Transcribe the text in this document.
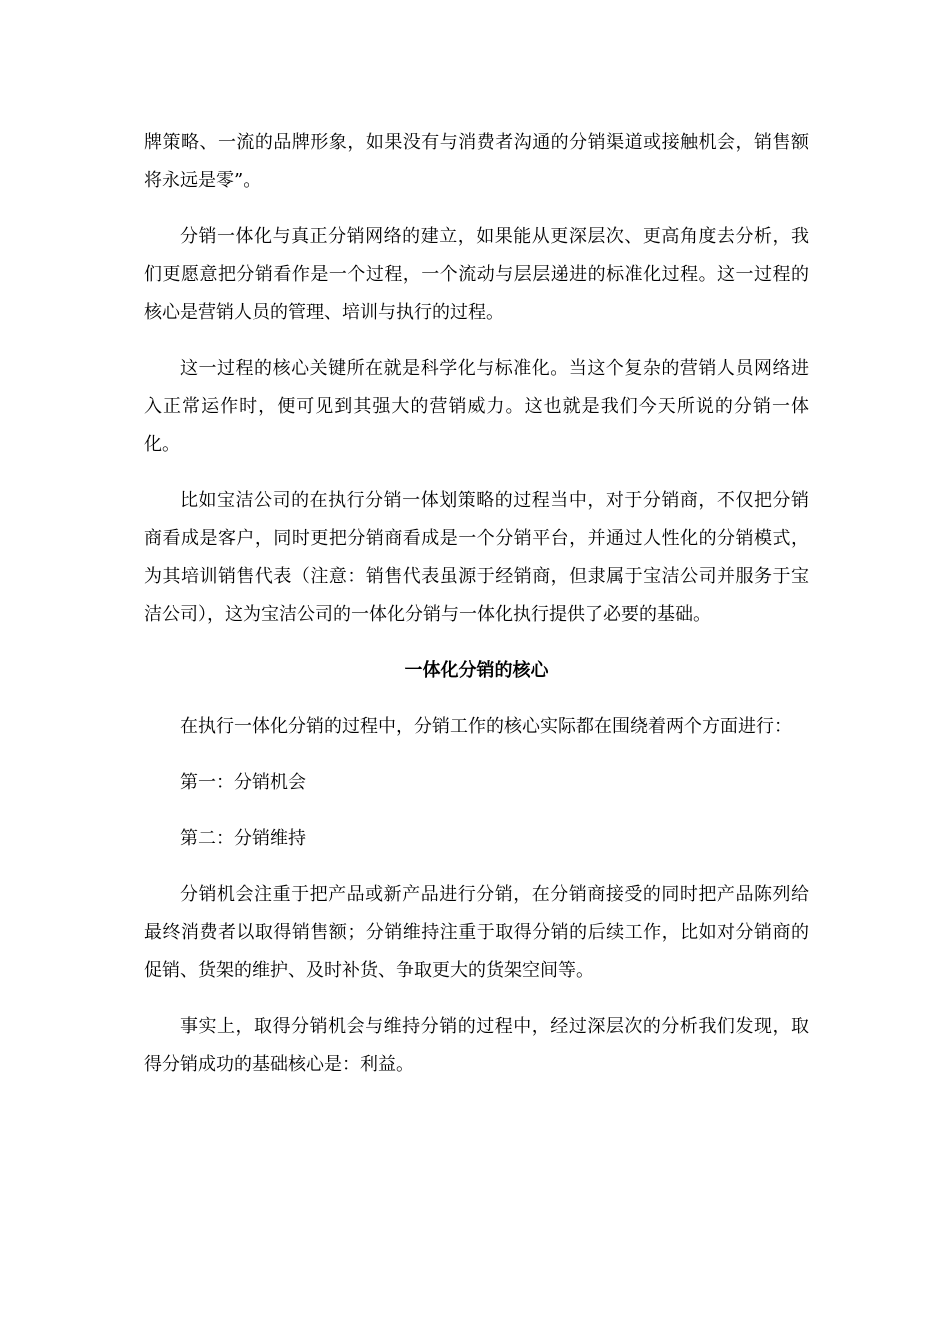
牌策略、一流的品牌形象，如果没有与消费者沟通的分销渠道或接触机会，销售额将永远是零”。

分销一体化与真正分销网络的建立，如果能从更深层次、更高角度去分析，我们更愿意把分销看作是一个过程，一个流动与层层递进的标准化过程。这一过程的核心是营销人员的管理、培训与执行的过程。

这一过程的核心关键所在就是科学化与标准化。当这个复杂的营销人员网络进入正常运作时，便可见到其强大的营销威力。这也就是我们今天所说的分销一体化。

比如宝洁公司的在执行分销一体划策略的过程当中，对于分销商，不仅把分销商看成是客户，同时更把分销商看成是一个分销平台，并通过人性化的分销模式，为其培训销售代表（注意：销售代表虽源于经销商，但隶属于宝洁公司并服务于宝洁公司），这为宝洁公司的一体化分销与一体化执行提供了必要的基础。

一体化分销的核心

在执行一体化分销的过程中，分销工作的核心实际都在围绕着两个方面进行：

第一：分销机会

第二：分销维持

分销机会注重于把产品或新产品进行分销，在分销商接受的同时把产品陈列给最终消费者以取得销售额；分销维持注重于取得分销的后续工作，比如对分销商的促销、货架的维护、及时补货、争取更大的货架空间等。

事实上，取得分销机会与维持分销的过程中，经过深层次的分析我们发现，取得分销成功的基础核心是：利益。
